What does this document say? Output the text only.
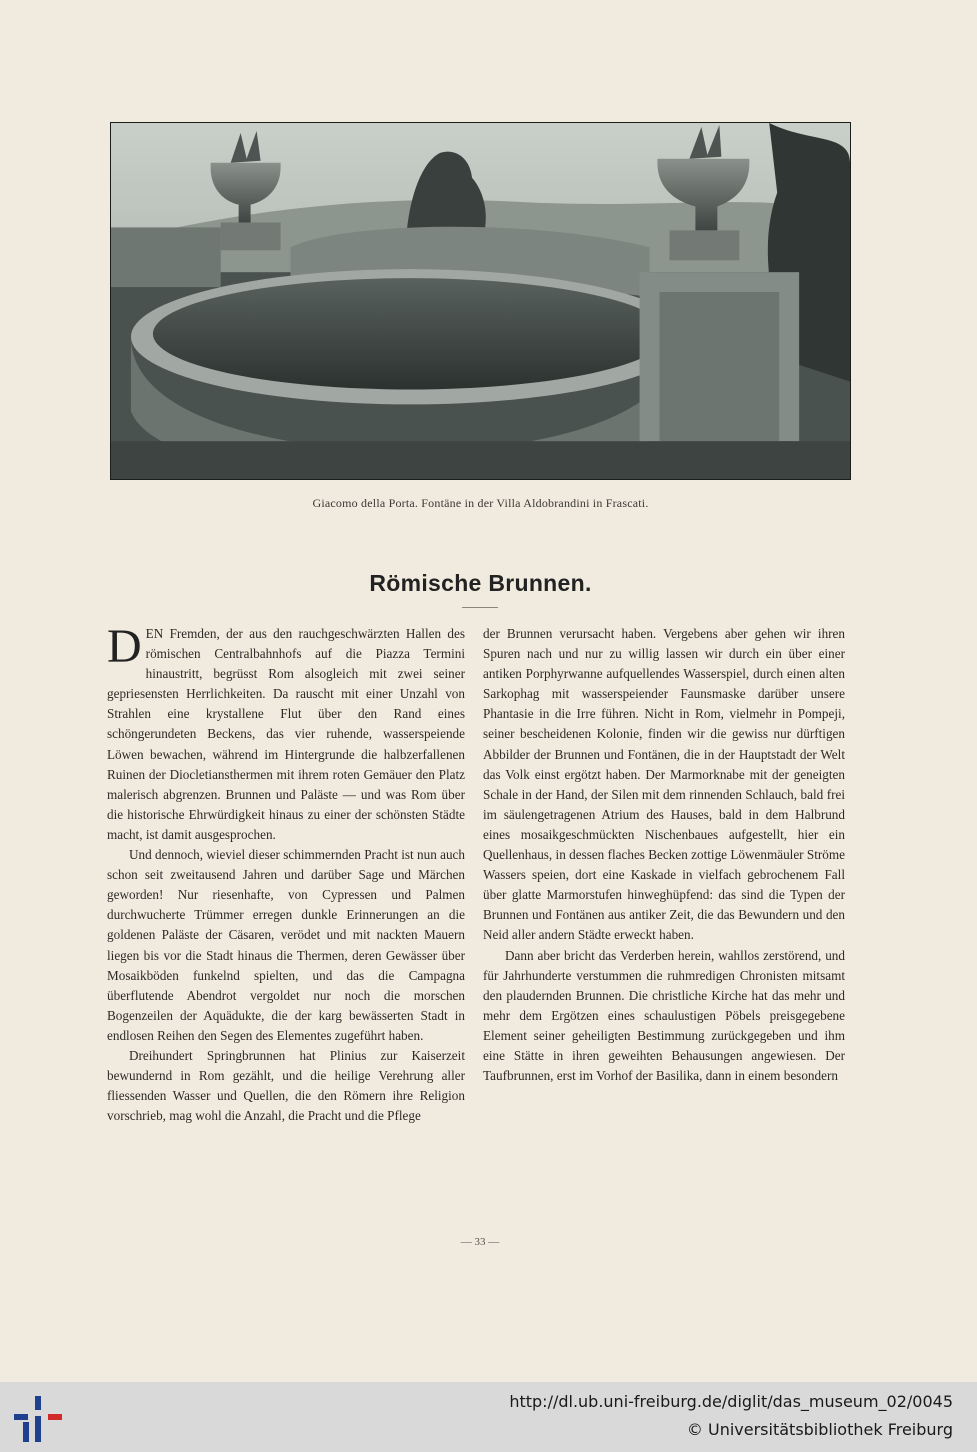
Giacomo della Porta. Fontäne in der Villa Aldobrandini in Frascati.
Römische Brunnen.

DEN Fremden, der aus den rauchgeschwärzten Hallen des römischen Centralbahnhofs auf die Piazza Termini hinaustritt, begrüsst Rom alsogleich mit zwei seiner gepriesensten Herrlichkeiten. Da rauscht mit einer Unzahl von Strahlen eine krystallene Flut über den Rand eines schöngerundeten Beckens, das vier ruhende, wasserspeiende Löwen bewachen, während im Hintergrunde die halbzerfallenen Ruinen der Diocletiansthermen mit ihrem roten Gemäuer den Platz malerisch abgrenzen. Brunnen und Paläste — und was Rom über die historische Ehrwürdigkeit hinaus zu einer der schönsten Städte macht, ist damit ausgesprochen.

Und dennoch, wieviel dieser schimmernden Pracht ist nun auch schon seit zweitausend Jahren und darüber Sage und Märchen geworden! Nur riesenhafte, von Cypressen und Palmen durchwucherte Trümmer erregen dunkle Erinnerungen an die goldenen Paläste der Cäsaren, verödet und mit nackten Mauern liegen bis vor die Stadt hinaus die Thermen, deren Gewässer über Mosaikböden funkelnd spielten, und das die Campagna überflutende Abendrot vergoldet nur noch die morschen Bogenzeilen der Aquädukte, die der karg bewässerten Stadt in endlosen Reihen den Segen des Elementes zugeführt haben.

Dreihundert Springbrunnen hat Plinius zur Kaiserzeit bewundernd in Rom gezählt, und die heilige Verehrung aller fliessenden Wasser und Quellen, die den Römern ihre Religion vorschrieb, mag wohl die Anzahl, die Pracht und die Pflege

der Brunnen verursacht haben. Vergebens aber gehen wir ihren Spuren nach und nur zu willig lassen wir durch ein über einer antiken Porphyrwanne aufquellendes Wasserspiel, durch einen alten Sarkophag mit wasserspeiender Faunsmaske darüber unsere Phantasie in die Irre führen. Nicht in Rom, vielmehr in Pompeji, seiner bescheidenen Kolonie, finden wir die gewiss nur dürftigen Abbilder der Brunnen und Fontänen, die in der Hauptstadt der Welt das Volk einst ergötzt haben. Der Marmorknabe mit der geneigten Schale in der Hand, der Silen mit dem rinnenden Schlauch, bald frei im säulengetragenen Atrium des Hauses, bald in dem Halbrund eines mosaikgeschmückten Nischenbaues aufgestellt, hier ein Quellenhaus, in dessen flaches Becken zottige Löwenmäuler Ströme Wassers speien, dort eine Kaskade in vielfach gebrochenem Fall über glatte Marmorstufen hinweghüpfend: das sind die Typen der Brunnen und Fontänen aus antiker Zeit, die das Bewundern und den Neid aller andern Städte erweckt haben.

Dann aber bricht das Verderben herein, wahllos zerstörend, und für Jahrhunderte verstummen die ruhmredigen Chronisten mitsamt den plaudernden Brunnen. Die christliche Kirche hat das mehr und mehr dem Ergötzen eines schaulustigen Pöbels preisgegebene Element seiner geheiligten Bestimmung zurückgegeben und ihm eine Stätte in ihren geweihten Behausungen angewiesen. Der Taufbrunnen, erst im Vorhof der Basilika, dann in einem besondern

— 33 —
http://dl.ub.uni-freiburg.de/diglit/das_museum_02/0045
© Universitätsbibliothek Freiburg
